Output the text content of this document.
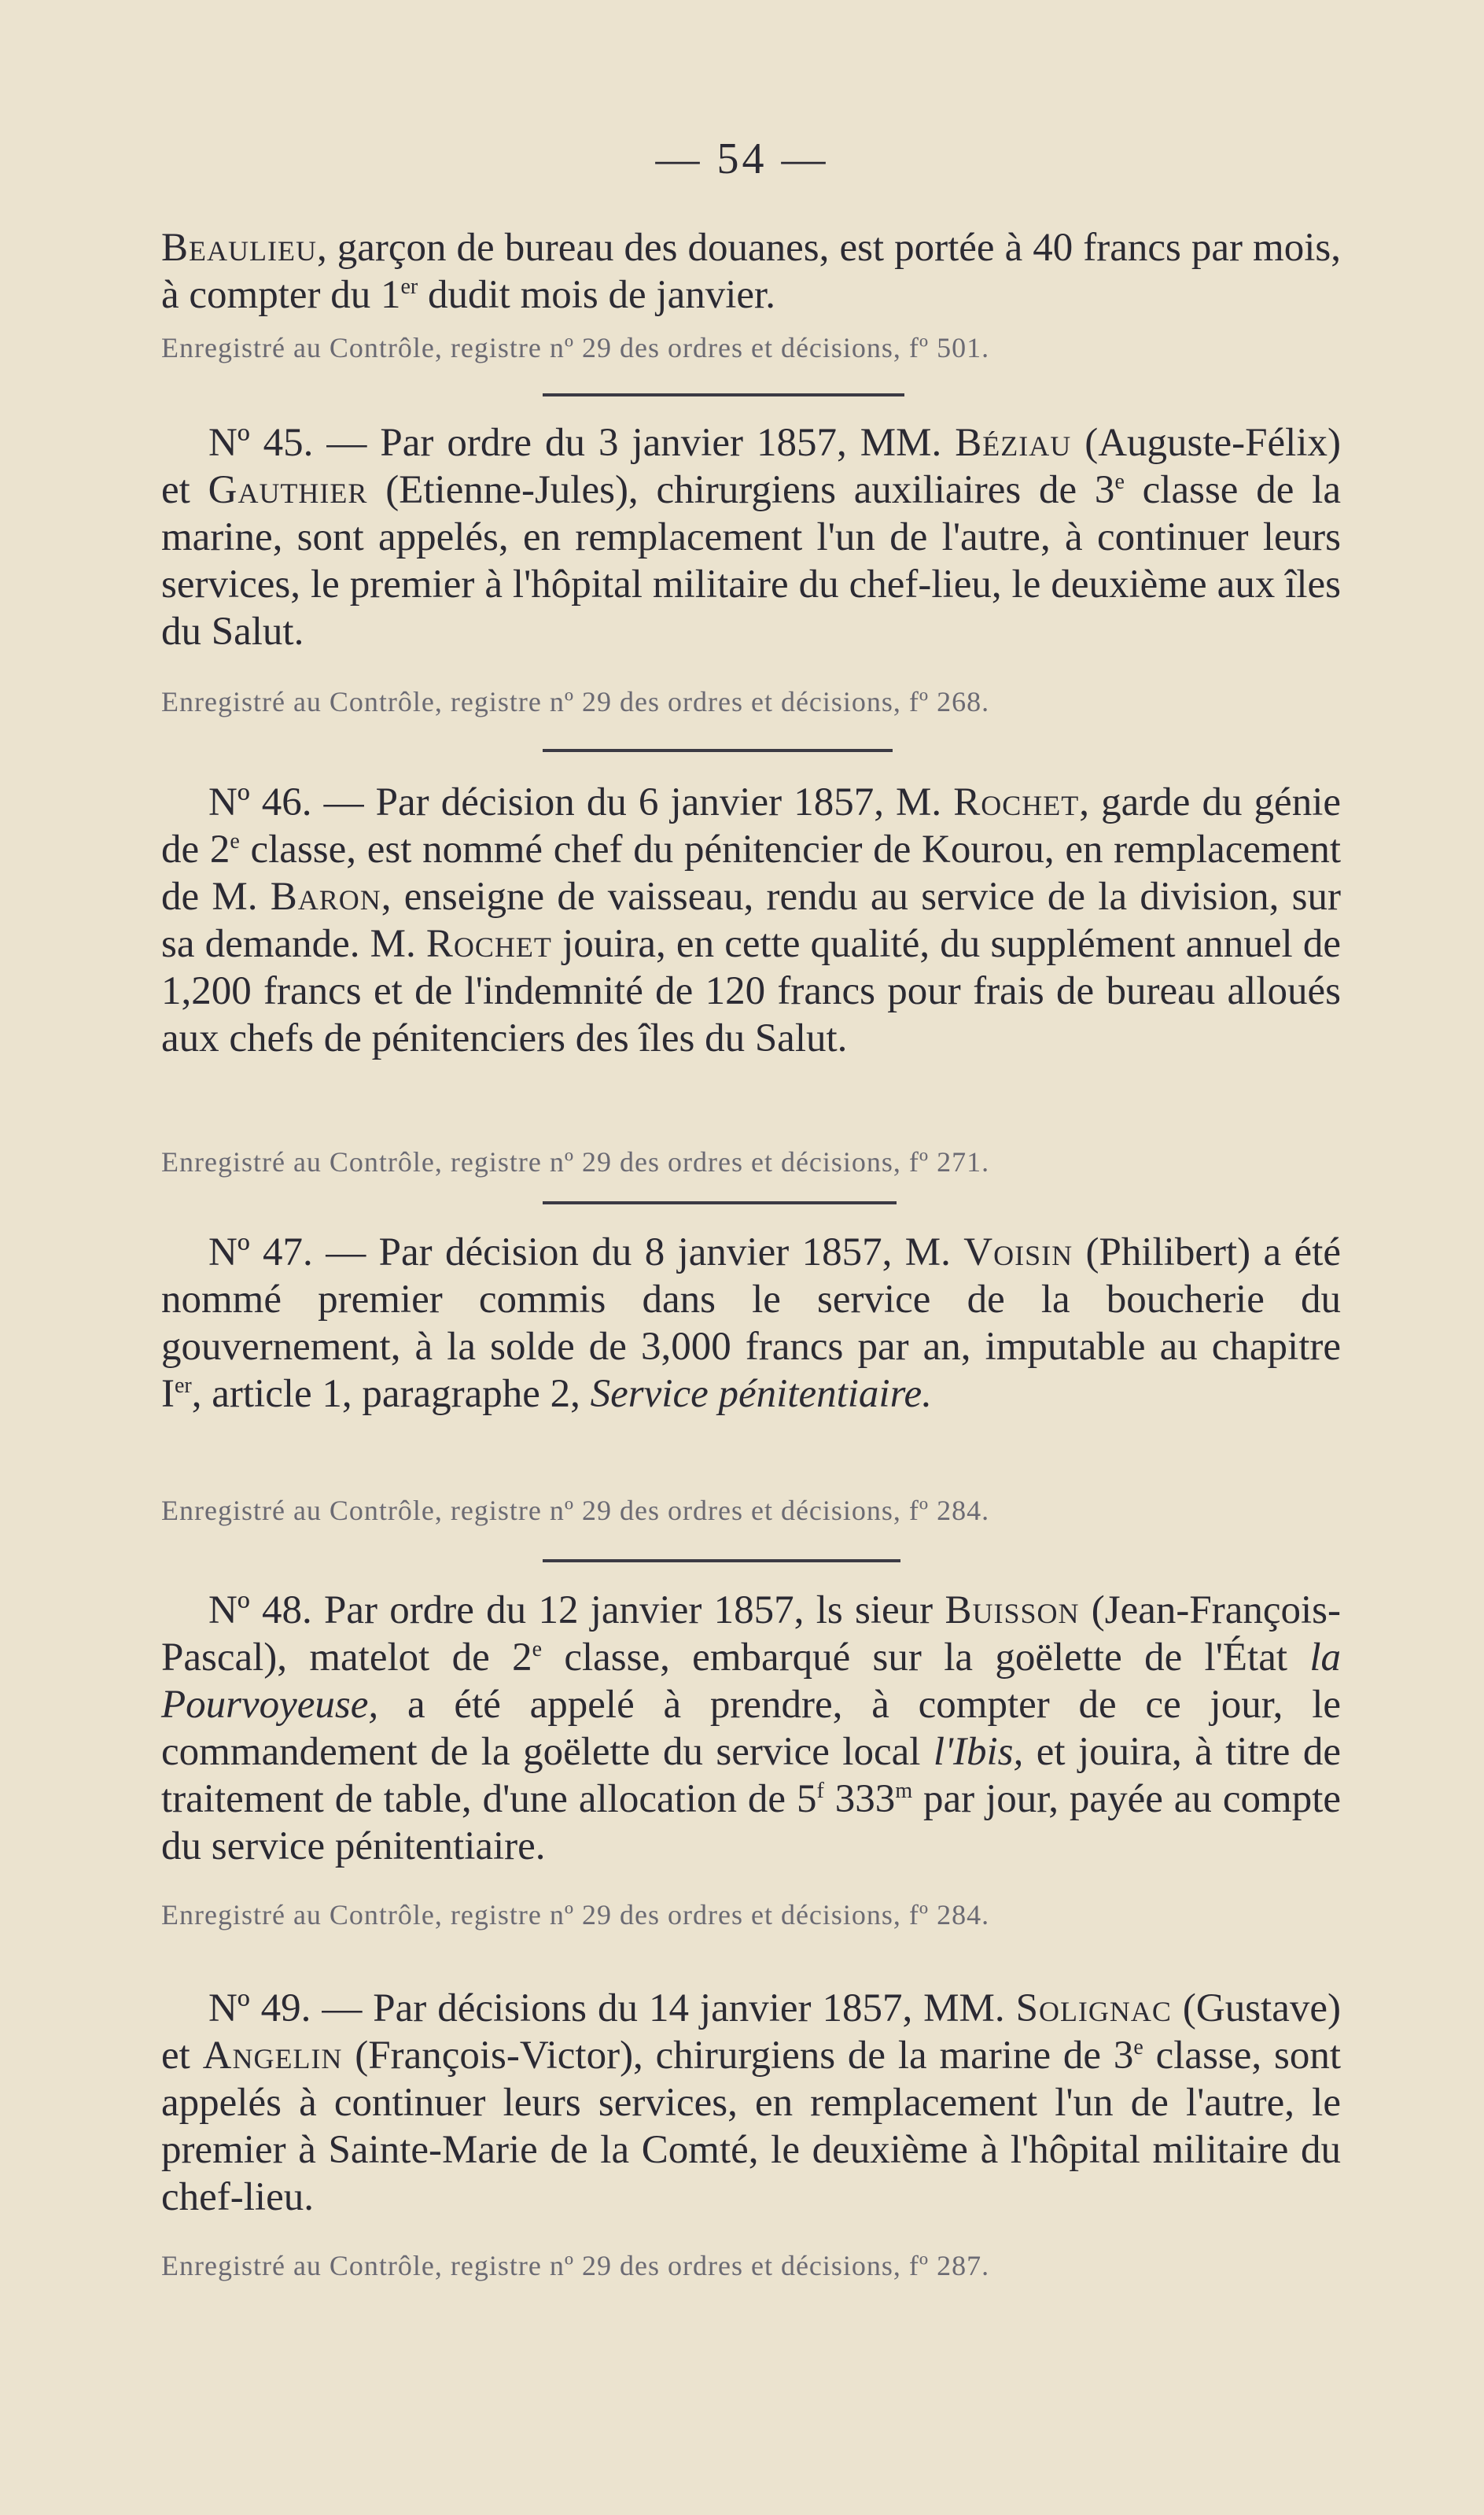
— 54 —

Beaulieu, garçon de bureau des douanes, est portée à 40 francs par mois, à compter du 1er dudit mois de janvier.

Enregistré au Contrôle, registre nº 29 des ordres et décisions, fº 501.

Nº 45. — Par ordre du 3 janvier 1857, MM. Béziau (Auguste-Félix) et Gauthier (Etienne-Jules), chirurgiens auxiliaires de 3e classe de la marine, sont appelés, en remplacement l'un de l'autre, à continuer leurs services, le premier à l'hôpital militaire du chef-lieu, le deuxième aux îles du Salut.

Enregistré au Contrôle, registre nº 29 des ordres et décisions, fº 268.

Nº 46. — Par décision du 6 janvier 1857, M. Rochet, garde du génie de 2e classe, est nommé chef du pénitencier de Kourou, en remplacement de M. Baron, enseigne de vaisseau, rendu au service de la division, sur sa demande. M. Rochet jouira, en cette qualité, du supplément annuel de 1,200 francs et de l'indemnité de 120 francs pour frais de bureau alloués aux chefs de pénitenciers des îles du Salut.

Enregistré au Contrôle, registre nº 29 des ordres et décisions, fº 271.

Nº 47. — Par décision du 8 janvier 1857, M. Voisin (Philibert) a été nommé premier commis dans le service de la boucherie du gouvernement, à la solde de 3,000 francs par an, imputable au chapitre Ier, article 1, paragraphe 2, Service pénitentiaire.

Enregistré au Contrôle, registre nº 29 des ordres et décisions, fº 284.

Nº 48. Par ordre du 12 janvier 1857, ls sieur Buisson (Jean-François-Pascal), matelot de 2e classe, embarqué sur la goëlette de l'État la Pourvoyeuse, a été appelé à prendre, à compter de ce jour, le commandement de la goëlette du service local l'Ibis, et jouira, à titre de traitement de table, d'une allocation de 5$^f$ 333$^m$ par jour, payée au compte du service pénitentiaire.

Enregistré au Contrôle, registre nº 29 des ordres et décisions, fº 284.

Nº 49. — Par décisions du 14 janvier 1857, MM. Solignac (Gustave) et Angelin (François-Victor), chirurgiens de la marine de 3e classe, sont appelés à continuer leurs services, en remplacement l'un de l'autre, le premier à Sainte-Marie de la Comté, le deuxième à l'hôpital militaire du chef-lieu.

Enregistré au Contrôle, registre nº 29 des ordres et décisions, fº 287.
